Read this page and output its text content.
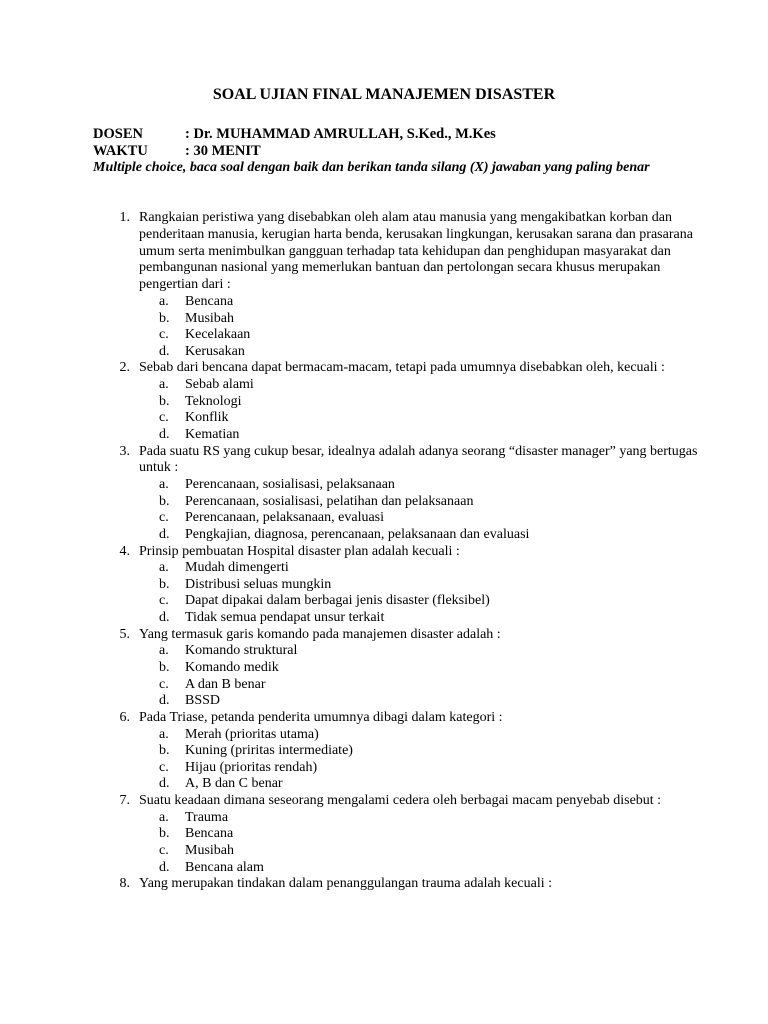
SOAL UJIAN FINAL MANAJEMEN DISASTER
DOSEN	: Dr. MUHAMMAD AMRULLAH, S.Ked., M.Kes
WAKTU	: 30 MENIT
Multiple choice, baca soal dengan baik dan berikan tanda silang (X) jawaban yang paling benar
1. Rangkaian peristiwa yang disebabkan oleh alam atau manusia yang mengakibatkan korban dan penderitaan manusia, kerugian harta benda, kerusakan lingkungan, kerusakan sarana dan prasarana umum serta menimbulkan gangguan terhadap tata kehidupan dan penghidupan masyarakat dan pembangunan nasional yang memerlukan bantuan dan pertolongan secara khusus merupakan pengertian dari :
a. Bencana
b. Musibah
c. Kecelakaan
d. Kerusakan
2. Sebab dari bencana dapat bermacam-macam, tetapi pada umumnya disebabkan oleh, kecuali :
a. Sebab alami
b. Teknologi
c. Konflik
d. Kematian
3. Pada suatu RS yang cukup besar, idealnya adalah adanya seorang “disaster manager” yang bertugas untuk :
a. Perencanaan, sosialisasi, pelaksanaan
b. Perencanaan, sosialisasi, pelatihan dan pelaksanaan
c. Perencanaan, pelaksanaan, evaluasi
d. Pengkajian, diagnosa, perencanaan, pelaksanaan dan evaluasi
4. Prinsip pembuatan Hospital disaster plan adalah kecuali :
a. Mudah dimengerti
b. Distribusi seluas mungkin
c. Dapat dipakai dalam berbagai jenis disaster (fleksibel)
d. Tidak semua pendapat unsur terkait
5. Yang termasuk garis komando pada manajemen disaster adalah :
a. Komando struktural
b. Komando medik
c. A dan B benar
d. BSSD
6. Pada Triase, petanda penderita umumnya dibagi dalam kategori :
a. Merah (prioritas utama)
b. Kuning (priritas intermediate)
c. Hijau (prioritas rendah)
d. A, B dan C benar
7. Suatu keadaan dimana seseorang mengalami cedera oleh berbagai macam penyebab disebut :
a. Trauma
b. Bencana
c. Musibah
d. Bencana alam
8. Yang merupakan tindakan dalam penanggulangan trauma adalah kecuali :
